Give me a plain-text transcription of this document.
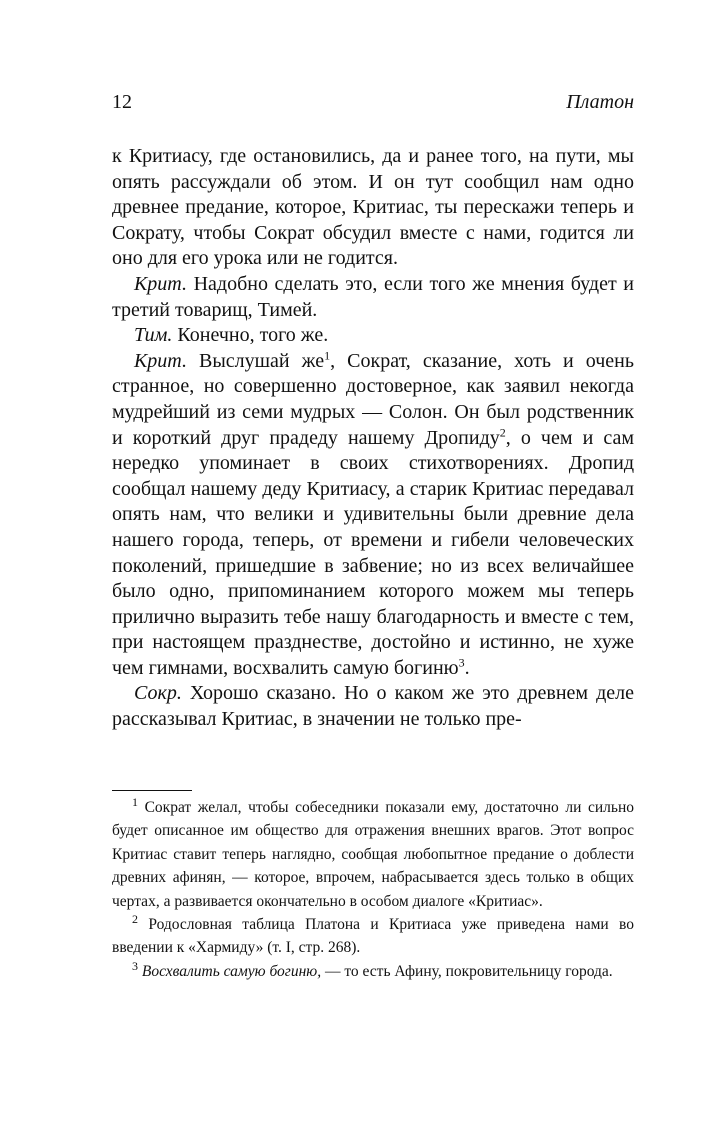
12	Платон

к Критиасу, где остановились, да и ранее того, на пути, мы опять рассуждали об этом. И он тут сообщил нам одно древнее предание, которое, Критиас, ты перескажи теперь и Сократу, чтобы Сократ обсудил вместе с нами, годится ли оно для его урока или не годится.

Крит. Надобно сделать это, если того же мнения будет и третий товарищ, Тимей.

Тим. Конечно, того же.

Крит. Выслушай $же^1$, Сократ, сказание, хоть и очень странное, но совершенно достоверное, как заявил некогда мудрейший из семи мудрых — Солон. Он был родственник и короткий друг прадеду нашему Дропиду$^2$, о чем и сам нередко упоминает в своих стихотворениях. Дропид сообщал нашему деду Критиасу, а старик Критиас передавал опять нам, что велики и удивительны были древние дела нашего города, теперь, от времени и гибели человеческих поколений, пришедшие в забвение; но из всех величайшее было одно, припоминанием которого можем мы теперь прилично выразить тебе нашу благодарность и вместе с тем, при настоящем празднестве, достойно и истинно, не хуже чем гимнами, восхвалить самую богиню$^3$.

Сокр. Хорошо сказано. Но о каком же это древнем деле рассказывал Критиас, в значении не только пре-

$^1$ Сократ желал, чтобы собеседники показали ему, достаточно ли сильно будет описанное им общество для отражения внешних врагов. Этот вопрос Критиас ставит теперь наглядно, сообщая любопытное предание о доблести древних афинян, — которое, впрочем, набрасывается здесь только в общих чертах, а развивается окончательно в особом диалоге «Критиас».

$^2$ Родословная таблица Платона и Критиаса уже приведена нами во введении к «Хармиду» (т. I, стр. 268).

$^3$ Восхвалить самую богиню, — то есть Афину, покровительницу города.
